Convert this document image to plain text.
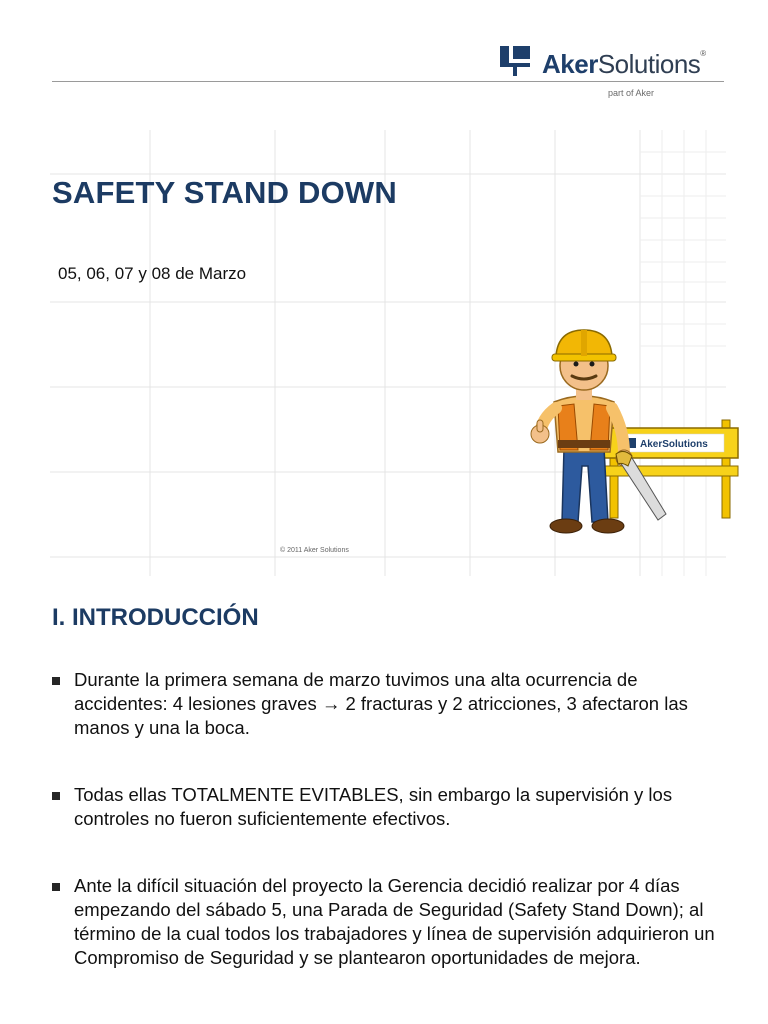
AkerSolutions®
part of Aker
SAFETY STAND DOWN
05, 06, 07 y 08 de Marzo
© 2011 Aker Solutions
AkerSolutions
I. INTRODUCCIÓN

Durante la primera semana de marzo tuvimos una alta ocurrencia de accidentes: 4 lesiones graves → 2 fracturas y 2 atricciones, 3 afectaron las manos y una la boca.

Todas ellas TOTALMENTE EVITABLES, sin embargo la supervisión y los controles no fueron suficientemente efectivos.

Ante la difícil situación del proyecto la Gerencia decidió realizar por 4 días empezando del sábado 5, una Parada de Seguridad (Safety Stand Down); al término de la cual todos los trabajadores y línea de supervisión adquirieron un Compromiso de Seguridad y se plantearon oportunidades de mejora.
